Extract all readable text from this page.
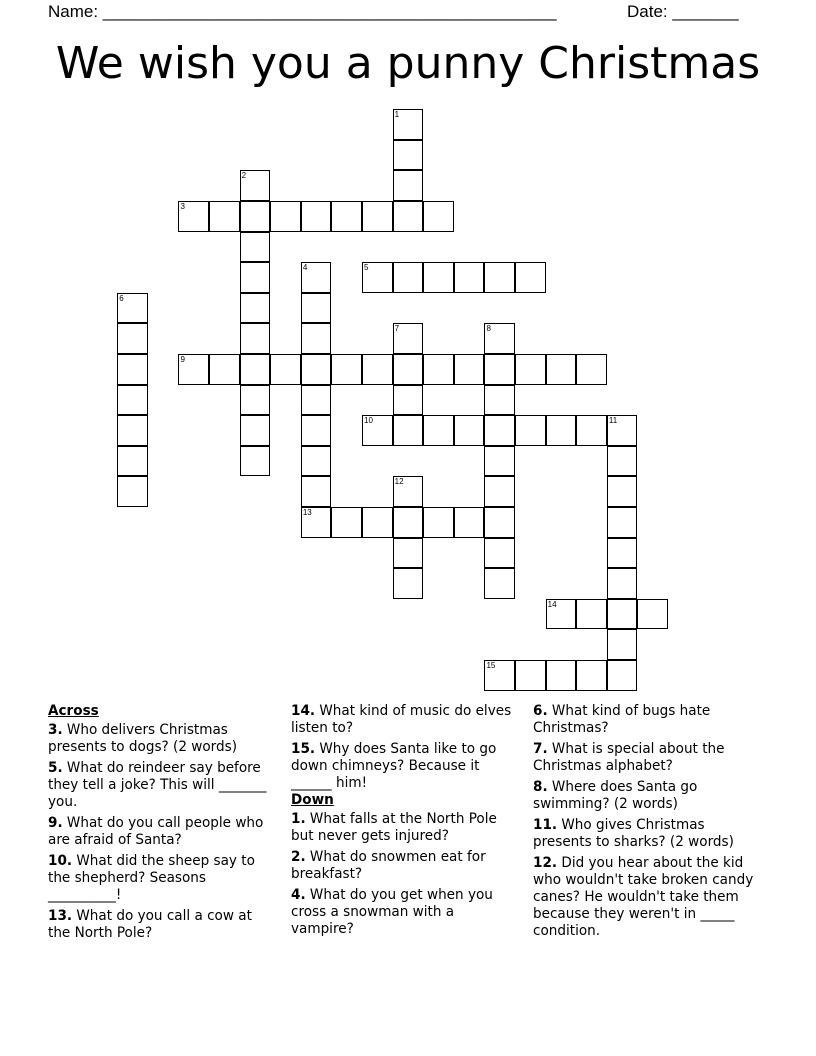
Name: ________________________________________________	Date: _______
We wish you a punny Christmas
1
2
3
4
13
5
6
7	8
9
10	11
12
14
15
Across
3. Who delivers Christmas presents to dogs? (2 words)
5. What do reindeer say before they tell a joke? This will _______ you.
9. What do you call people who are afraid of Santa?
10. What did the sheep say to the shepherd? Seasons __________!
13. What do you call a cow at the North Pole?
14. What kind of music do elves listen to?
15. Why does Santa like to go down chimneys? Because it ______ him!
Down
1. What falls at the North Pole but never gets injured?
2. What do snowmen eat for breakfast?
4. What do you get when you cross a snowman with a vampire?
6. What kind of bugs hate Christmas?
7. What is special about the Christmas alphabet?
8. Where does Santa go swimming? (2 words)
11. Who gives Christmas presents to sharks? (2 words)
12. Did you hear about the kid who wouldn't take broken candy canes? He wouldn't take them because they weren't in _____ condition.
